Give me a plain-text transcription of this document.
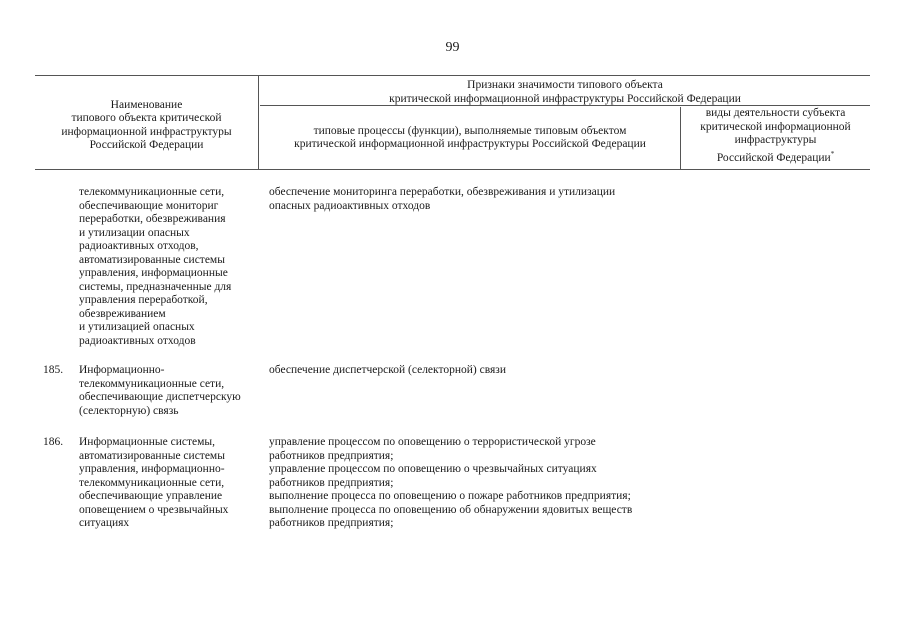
99
Наименование
типового объекта критической
информационной инфраструктуры
Российской Федерации
Признаки значимости типового объекта
критической информационной инфраструктуры Российской Федерации
типовые процессы (функции), выполняемые типовым объектом
критической информационной инфраструктуры Российской Федерации
виды деятельности субъекта
критической информационной
инфраструктуры
Российской Федерации*
телекоммуникационные сети,
обеспечивающие мониториг
переработки, обезвреживания
и утилизации опасных
радиоактивных отходов,
автоматизированные системы
управления, информационные
системы, предназначенные для
управления переработкой,
обезвреживанием
и утилизацией опасных
радиоактивных отходов
обеспечение мониторинга переработки, обезвреживания и утилизации
опасных радиоактивных отходов
185.	Информационно-
телекоммуникационные сети,
обеспечивающие диспетчерскую
(селекторную) связь
обеспечение диспетчерской (селекторной) связи
186.	Информационные системы,
автоматизированные системы
управления, информационно-
телекоммуникационные сети,
обеспечивающие управление
оповещением о чрезвычайных
ситуациях
управление процессом по оповещению о террористической угрозе
работников предприятия;
управление процессом по оповещению о чрезвычайных ситуациях
работников предприятия;
выполнение процесса по оповещению о пожаре работников предприятия;
выполнение процесса по оповещению об обнаружении ядовитых веществ
работников предприятия;
